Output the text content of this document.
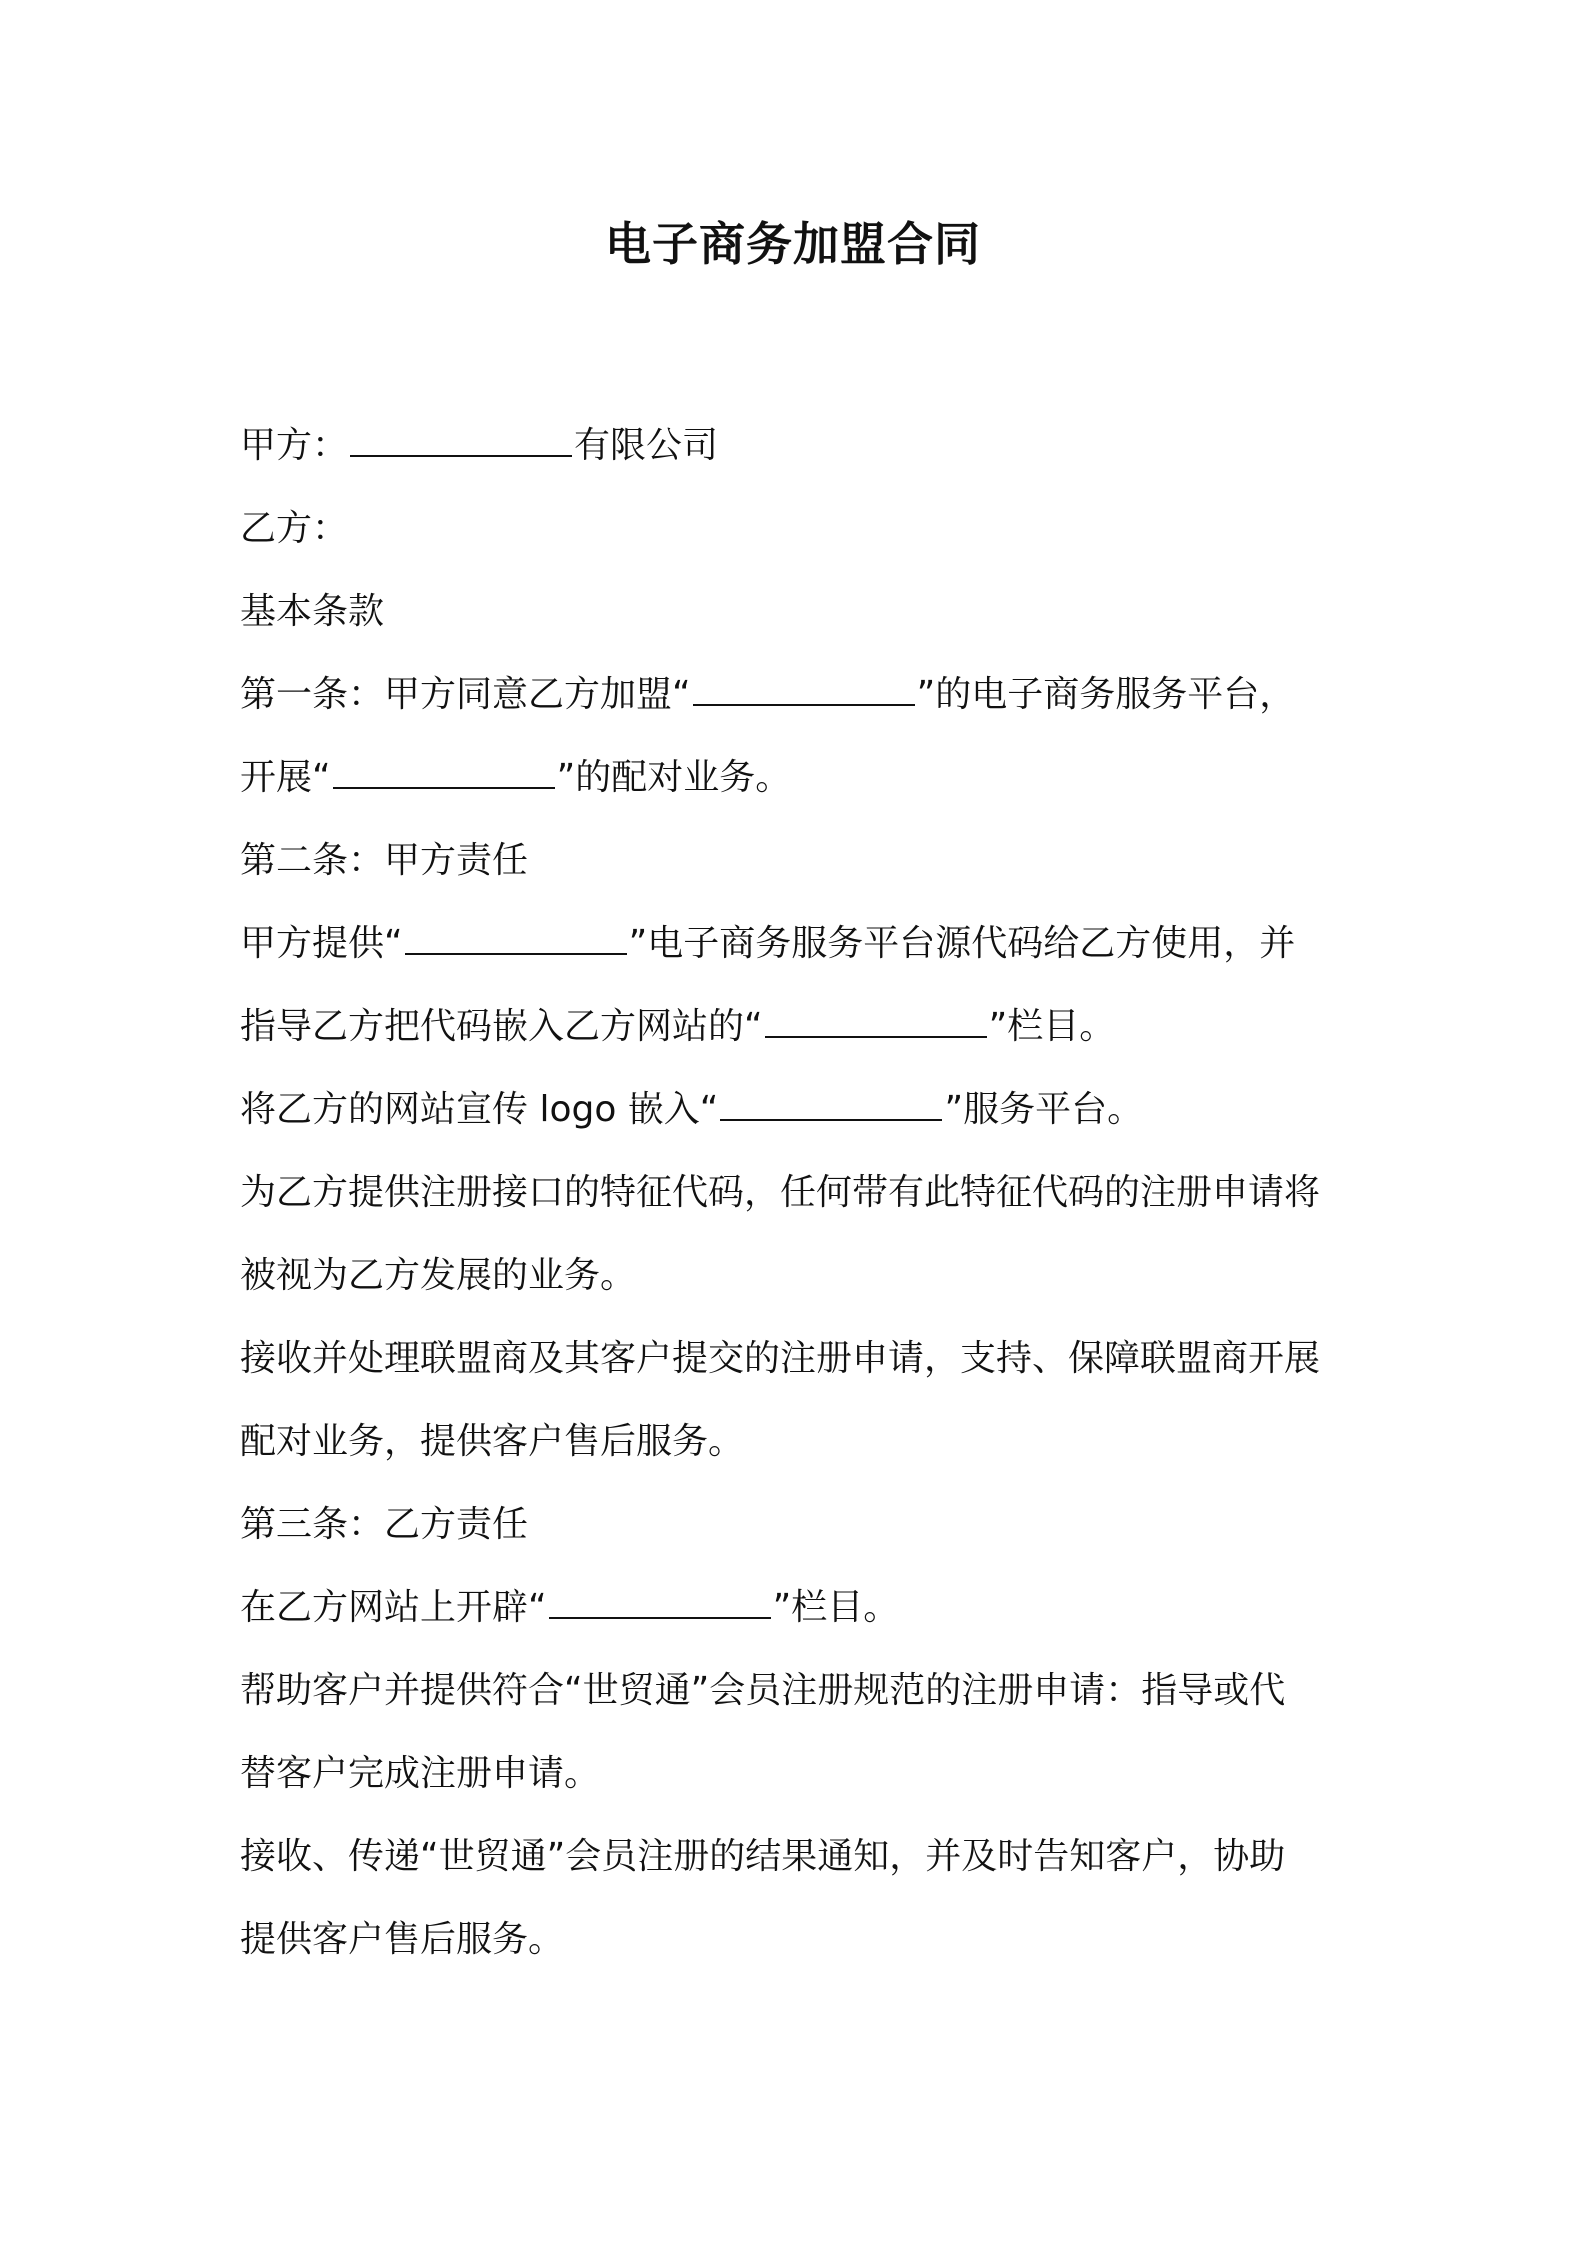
电子商务加盟合同

甲方：	有限公司

乙方：

基本条款

第一条：甲方同意乙方加盟“	”的电子商务服务平台，

开展“	”的配对业务。

第二条：甲方责任

甲方提供“	”电子商务服务平台源代码给乙方使用，并

指导乙方把代码嵌入乙方网站的“	”栏目。

将乙方的网站宣传 logo 嵌入“	”服务平台。

为乙方提供注册接口的特征代码，任何带有此特征代码的注册申请将

被视为乙方发展的业务。

接收并处理联盟商及其客户提交的注册申请，支持、保障联盟商开展

配对业务，提供客户售后服务。

第三条：乙方责任

在乙方网站上开辟“	”栏目。

帮助客户并提供符合“世贸通”会员注册规范的注册申请：指导或代

替客户完成注册申请。

接收、传递“世贸通”会员注册的结果通知，并及时告知客户，协助

提供客户售后服务。
